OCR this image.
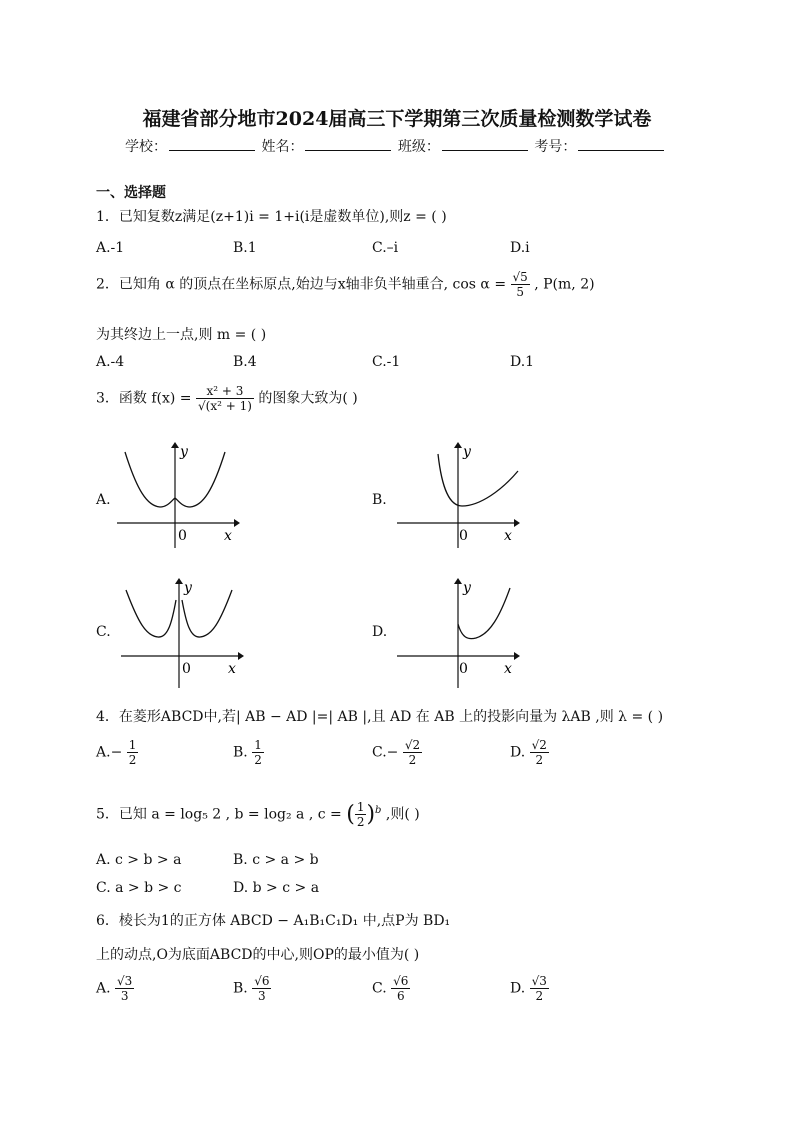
福建省部分地市2024届高三下学期第三次质量检测数学试卷
学校：	姓名：	班级：	考号：
一、选择题
1．已知复数z满足(z+1)i = 1+i(i是虚数单位),则z = ( )
A.-1	B.1	C.–i	D.i
2．已知角 α 的顶点在坐标原点,始边与x轴非负半轴重合, $\cos \alpha = \frac{√5}{5}$ , P(m, 2)
为其终边上一点,则 m = ( )
A.-4	B.4	C.-1	D.1
3．函数 $f(x) = \frac{\text{x² + 3}}{\text{√(x² + 1)}}$ 的图象大致为( )
A.	B.
C.	D.
0	x
y
0	x
y
0	x
y
0	x
y
4．在菱形ABCD中,若| AB − AD |=| AB |,且 AD 在 AB 上的投影向量为 λAB ,则 λ = ( )
$A.- \frac{1}{2}$	B. $\frac{1}{2}$	$C.- \frac{√2}{2}$	D. $\frac{√2}{2}$
5．已知 a = log₅ 2 , b = log₂ a , c = ( $\frac{1}{2} )^b$ ,则( )
A. c > b > a	B. c > a > b
C. a > b > c	D. b > c > a
6．棱长为1的正方体 ABCD − A₁B₁C₁D₁ 中,点P为 BD₁
上的动点,O为底面ABCD的中心,则OP的最小值为( )
A. $\frac{√3}{3}$	B. $\frac{√6}{3}$	C. $\frac{√6}{6}$	D. $\frac{√3}{2}$
